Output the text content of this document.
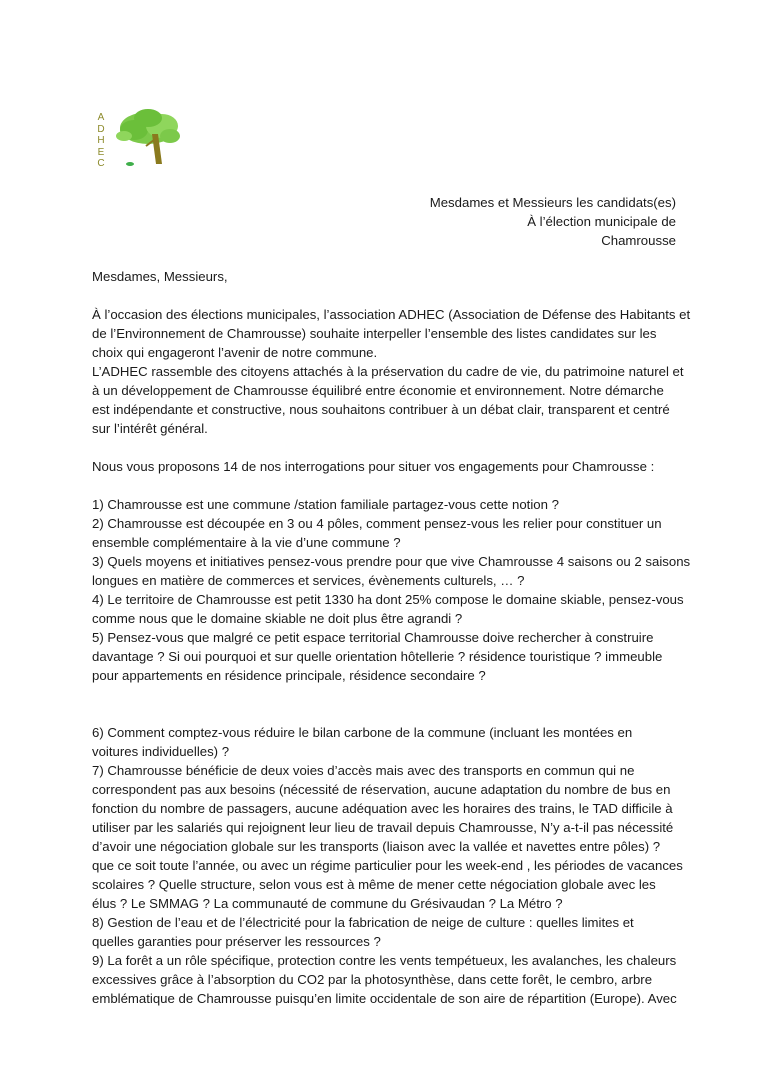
A
D
H
E
C
Mesdames et Messieurs les candidats(es)
À l’élection municipale de
Chamrousse

Mesdames, Messieurs,

À l’occasion des élections municipales, l’association ADHEC (Association de Défense des Habitants et

de l’Environnement de Chamrousse) souhaite interpeller l’ensemble des listes candidates sur les

choix qui engageront l’avenir de notre commune.

L’ADHEC rassemble des citoyens attachés à la préservation du cadre de vie, du patrimoine naturel et

à un développement de Chamrousse équilibré entre économie et environnement. Notre démarche

est indépendante et constructive, nous souhaitons contribuer à un débat clair, transparent et centré

sur l’intérêt général.

Nous vous proposons 14 de nos interrogations pour situer vos engagements pour Chamrousse :

1) Chamrousse est une commune /station familiale partagez-vous cette notion ?

2) Chamrousse est découpée en 3 ou 4 pôles, comment pensez-vous les relier pour constituer un

ensemble complémentaire à la vie d’une commune ?

3) Quels moyens et initiatives pensez-vous prendre pour que vive Chamrousse 4 saisons ou 2 saisons

longues en matière de commerces et services, évènements culturels, … ?

4) Le territoire de Chamrousse est petit 1330 ha dont 25% compose le domaine skiable, pensez-vous

comme nous que le domaine skiable ne doit plus être agrandi ?

5) Pensez-vous que malgré ce petit espace territorial Chamrousse doive rechercher à construire

davantage ? Si oui pourquoi et sur quelle orientation hôtellerie ? résidence touristique ? immeuble

pour appartements en résidence principale, résidence secondaire ?

6) Comment comptez-vous réduire le bilan carbone de la commune (incluant les montées en

voitures individuelles) ?

7) Chamrousse bénéficie de deux voies d’accès mais avec des transports en commun qui ne

correspondent pas aux besoins (nécessité de réservation, aucune adaptation du nombre de bus en

fonction du nombre de passagers, aucune adéquation avec les horaires des trains, le TAD difficile à

utiliser par les salariés qui rejoignent leur lieu de travail depuis Chamrousse, N’y a-t-il pas nécessité

d’avoir une négociation globale sur les transports (liaison avec la vallée et navettes entre pôles) ?

que ce soit toute l’année, ou avec un régime particulier pour les week-end , les périodes de vacances

scolaires ? Quelle structure, selon vous est à même de mener cette négociation globale avec les

élus ? Le SMMAG ? La communauté de commune du Grésivaudan ? La Métro ?

8) Gestion de l’eau et de l’électricité pour la fabrication de neige de culture : quelles limites et

quelles garanties pour préserver les ressources ?

9) La forêt a un rôle spécifique, protection contre les vents tempétueux, les avalanches, les chaleurs

excessives grâce à l’absorption du CO2 par la photosynthèse, dans cette forêt, le cembro, arbre

emblématique de Chamrousse puisqu’en limite occidentale de son aire de répartition (Europe). Avec
